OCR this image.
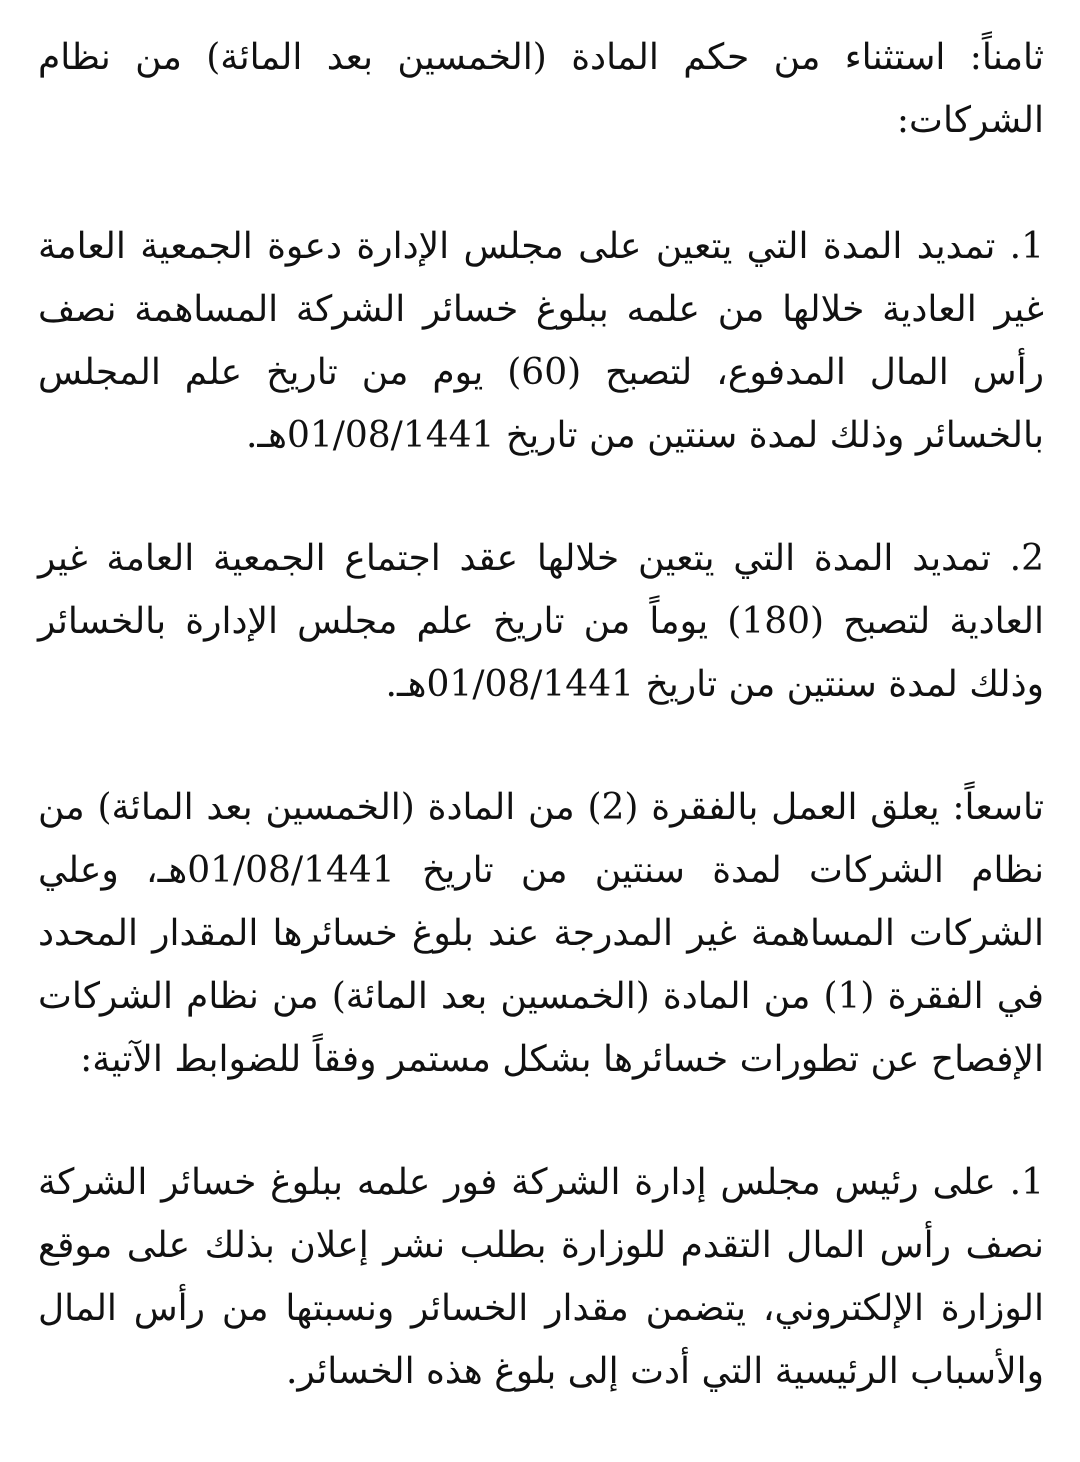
ثامناً: استثناء من حكم المادة (الخمسين بعد المائة) من نظام الشركات:

1. تمديد المدة التي يتعين على مجلس الإدارة دعوة الجمعية العامة غير العادية خلالها من علمه ببلوغ خسائر الشركة المساهمة نصف رأس المال المدفوع، لتصبح (60) يوم من تاريخ علم المجلس بالخسائر وذلك لمدة سنتين من تاريخ 01/08/1441هـ.

2. تمديد المدة التي يتعين خلالها عقد اجتماع الجمعية العامة غير العادية لتصبح (180) يوماً من تاريخ علم مجلس الإدارة بالخسائر وذلك لمدة سنتين من تاريخ 01/08/1441هـ.

تاسعاً: يعلق العمل بالفقرة (2) من المادة (الخمسين بعد المائة) من نظام الشركات لمدة سنتين من تاريخ 01/08/1441هـ، وعلي الشركات المساهمة غير المدرجة عند بلوغ خسائرها المقدار المحدد في الفقرة (1) من المادة (الخمسين بعد المائة) من نظام الشركات الإفصاح عن تطورات خسائرها بشكل مستمر وفقاً للضوابط الآتية:

1. على رئيس مجلس إدارة الشركة فور علمه ببلوغ خسائر الشركة نصف رأس المال التقدم للوزارة بطلب نشر إعلان بذلك على موقع الوزارة الإلكتروني، يتضمن مقدار الخسائر ونسبتها من رأس المال والأسباب الرئيسية التي أدت إلى بلوغ هذه الخسائر.
